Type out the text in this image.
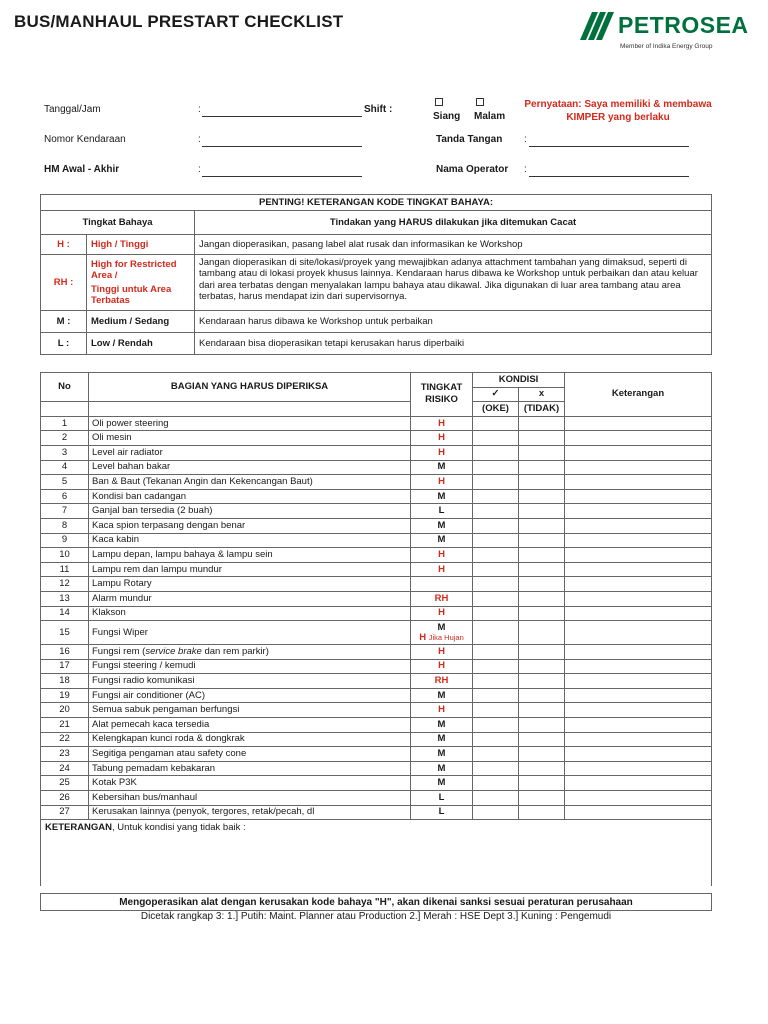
BUS/MANHAUL PRESTART CHECKLIST	PETROSEA
Member of Indika Energy Group
Tanggal/Jam	:
Nomor Kendaraan	:
HM Awal - Akhir	:
Shift :
Siang Malam
Pernyataan: Saya memiliki & membawa KIMPER yang berlaku
Tanda Tangan :
Nama Operator :
PENTING! KETERANGAN KODE TINGKAT BAHAYA:		
Tingkat Bahaya		Tindakan yang HARUS dilakukan jika ditemukan Cacat
H :	High / Tinggi	Jangan dioperasikan, pasang label alat rusak dan informasikan ke Workshop
RH :	High for Restricted Area /
Tinggi untuk Area Terbatas	Jangan dioperasikan di site/lokasi/proyek yang mewajibkan adanya attachment tambahan yang dimaksud, seperti di tambang atau di lokasi proyek khusus lainnya. Kendaraan harus dibawa ke Workshop untuk perbaikan dan atau keluar dari area terbatas dengan menyalakan lampu bahaya atau dikawal. Jika digunakan di luar area tambang atau area terbatas, harus mendapat izin dari supervisornya.

M :	Medium / Sedang	Kendaraan harus dibawa ke Workshop untuk perbaikan
L :	Low / Rendah	Kendaraan bisa dioperasikan tetapi kerusakan harus diperbaiki
No	BAGIAN YANG HARUS DIPERIKSA	TINGKAT RISIKO	KONDISI		Keterangan
			✓	x	
			(OKE)	(TIDAK)	
1	Oli power steering	H			
2	Oli mesin	H			
3	Level air radiator	H			
4	Level bahan bakar	M			
5	Ban & Baut (Tekanan Angin dan Kekencangan Baut)	H			
6	Kondisi ban cadangan	M			
7	Ganjal ban tersedia (2 buah)	L			
8	Kaca spion terpasang dengan benar	M			
9	Kaca kabin	M			
10	Lampu depan, lampu bahaya & lampu sein	H			
11	Lampu rem dan lampu mundur	H			
12	Lampu Rotary				
13	Alarm mundur	RH			
14	Klakson	H			
15	Fungsi Wiper	M
H Jika Hujan			

16	Fungsi rem (service brake dan rem parkir)	H			
17	Fungsi steering / kemudi	H			
18	Fungsi radio komunikasi	RH			
19	Fungsi air conditioner (AC)	M			
20	Semua sabuk pengaman berfungsi	H			
21	Alat pemecah kaca tersedia	M			
22	Kelengkapan kunci roda & dongkrak	M			
23	Segitiga pengaman atau safety cone	M			
24	Tabung pemadam kebakaran	M			
25	Kotak P3K	M			
26	Kebersihan bus/manhaul	L			
27	Kerusakan lainnya (penyok, tergores, retak/pecah, dl	L			
KETERANGAN, Untuk kondisi yang tidak baik :					
Mengoperasikan alat dengan kerusakan kode bahaya "H", akan dikenai sanksi sesuai peraturan perusahaan
Dicetak rangkap 3: 1.] Putih: Maint. Planner atau Production 2.] Merah : HSE Dept 3.] Kuning : Pengemudi
